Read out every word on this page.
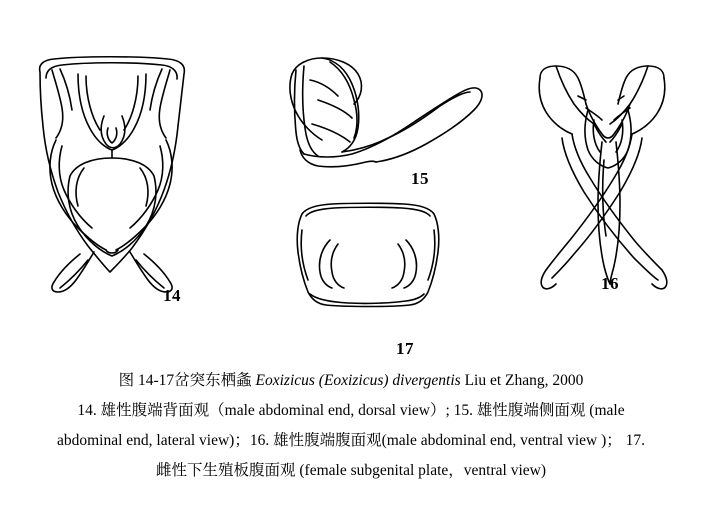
14
15
16
17
图 14-17岔突东栖螽 Eoxizicus (Eoxizicus) divergentis Liu et Zhang, 2000
14. 雄性腹端背面观（male abdominal end, dorsal view）; 15. 雄性腹端侧面观 (male
abdominal end, lateral view)；16. 雄性腹端腹面观(male abdominal end, ventral view )； 17.
雌性下生殖板腹面观 (female subgenital plate，ventral view)
